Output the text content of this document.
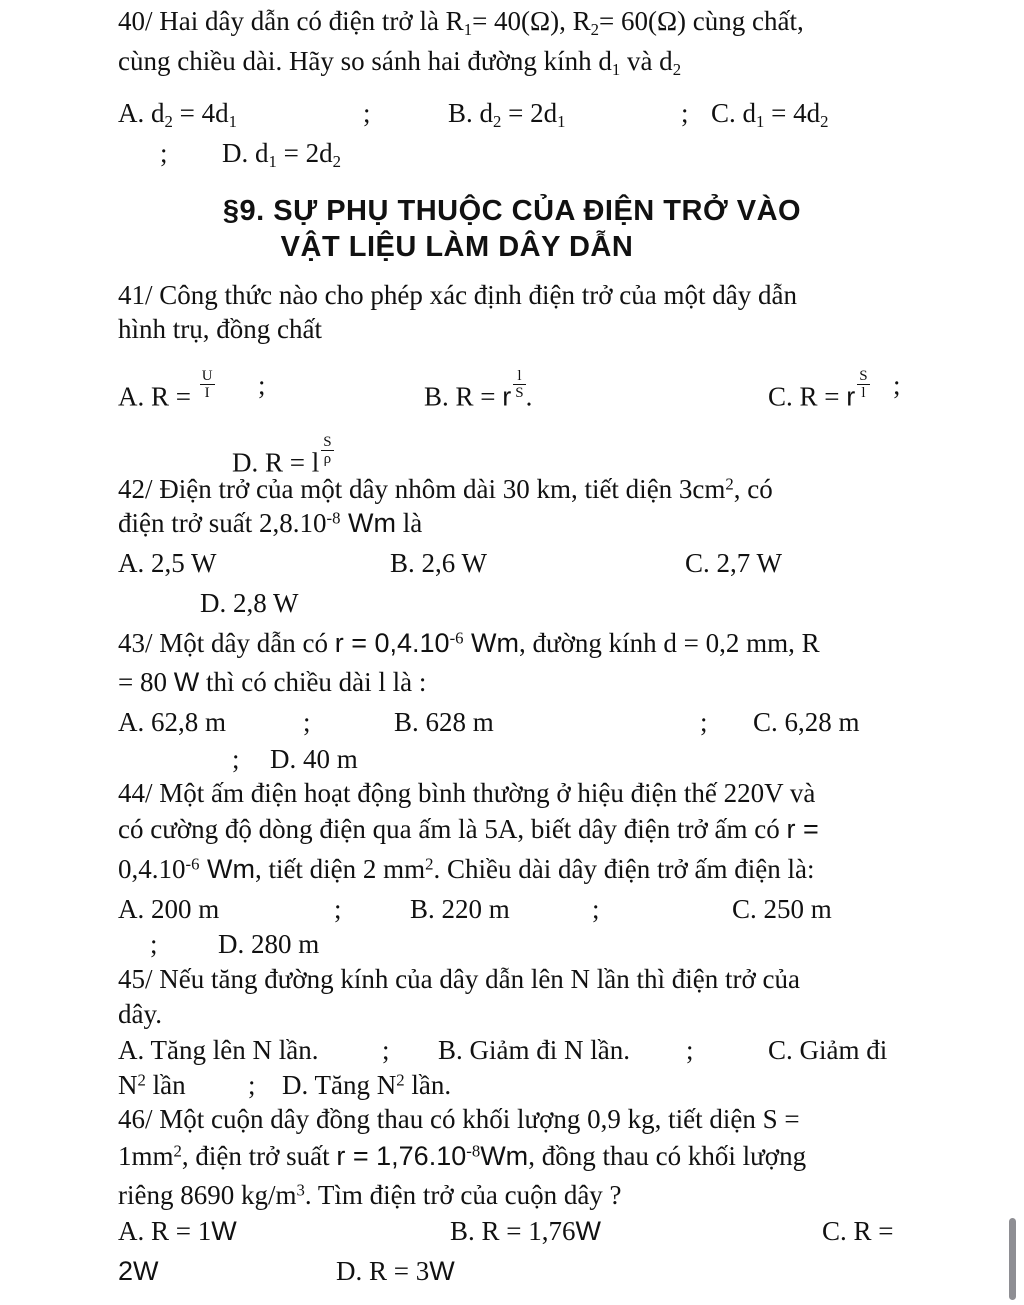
40/ Hai dây dẫn có điện trở là $R_1= 40(\Omega)$, $R_2= 60(\Omega)$ cùng chất,
cùng chiều dài. Hãy so sánh hai đường kính $d_1$ và $d_2$
A. $d_2 = 4d_1$	;	B. $d_2 = 2d_1$	; C. $d_1 = 4d_2$
; D. $d_1 = 2d_2$
§9. SỰ PHỤ THUỘC CỦA ĐIỆN TRỞ VÀO
VẬT LIỆU LÀM DÂY DẪN
41/ Công thức nào cho phép xác định điện trở của một dây dẫn
hình trụ, đồng chất
A. $R = \frac{U}{I}$ ;	B. R = r $\frac{l}{S}$ .	C. R = r $\frac{S}{l}$ ;
D. R = l $\frac{S}{\rho}$
42/ Điện trở của một dây nhôm dài 30 km, tiết diện $3cm^2$, có
điện trở suất $2,8.10^{-8}$ Wm là
A. 2,5 W	B. 2,6 W	C. 2,7 W
D. 2,8 W
43/ Một dây dẫn có $r = 0,4.10^{-6}$ Wm, đường kính d = 0,2 mm, R
= 80 W thì có chiều dài l là :
A. 62,8 m	;	B. 628 m	; C. 6,28 m
; D. 40 m
44/ Một ấm điện hoạt động bình thường ở hiệu điện thế 220V và
có cường độ dòng điện qua ấm là 5A, biết dây điện trở ấm có r =
$0,4.10^{-6}$ Wm, tiết diện 2 $mm^2$. Chiều dài dây điện trở ấm điện là:
A. 200 m	;	B. 220 m	;	C. 250 m
; D. 280 m
45/ Nếu tăng đường kính của dây dẫn lên N lần thì điện trở của
dây.
A. Tăng lên N lần. ; B. Giảm đi N lần. ;	C. Giảm đi
$N^2$ lần ; D. Tăng $N^2$ lần.
46/ Một cuộn dây đồng thau có khối lượng 0,9 kg, tiết diện S =
$1mm^2$, điện trở suất $r = 1,76.10^{-8}Wm$, đồng thau có khối lượng
riêng 8690 $kg/m^3$. Tìm điện trở của cuộn dây ?
A. R = 1W	B. R = 1,76W	C. R =
2W	D. R = 3W
